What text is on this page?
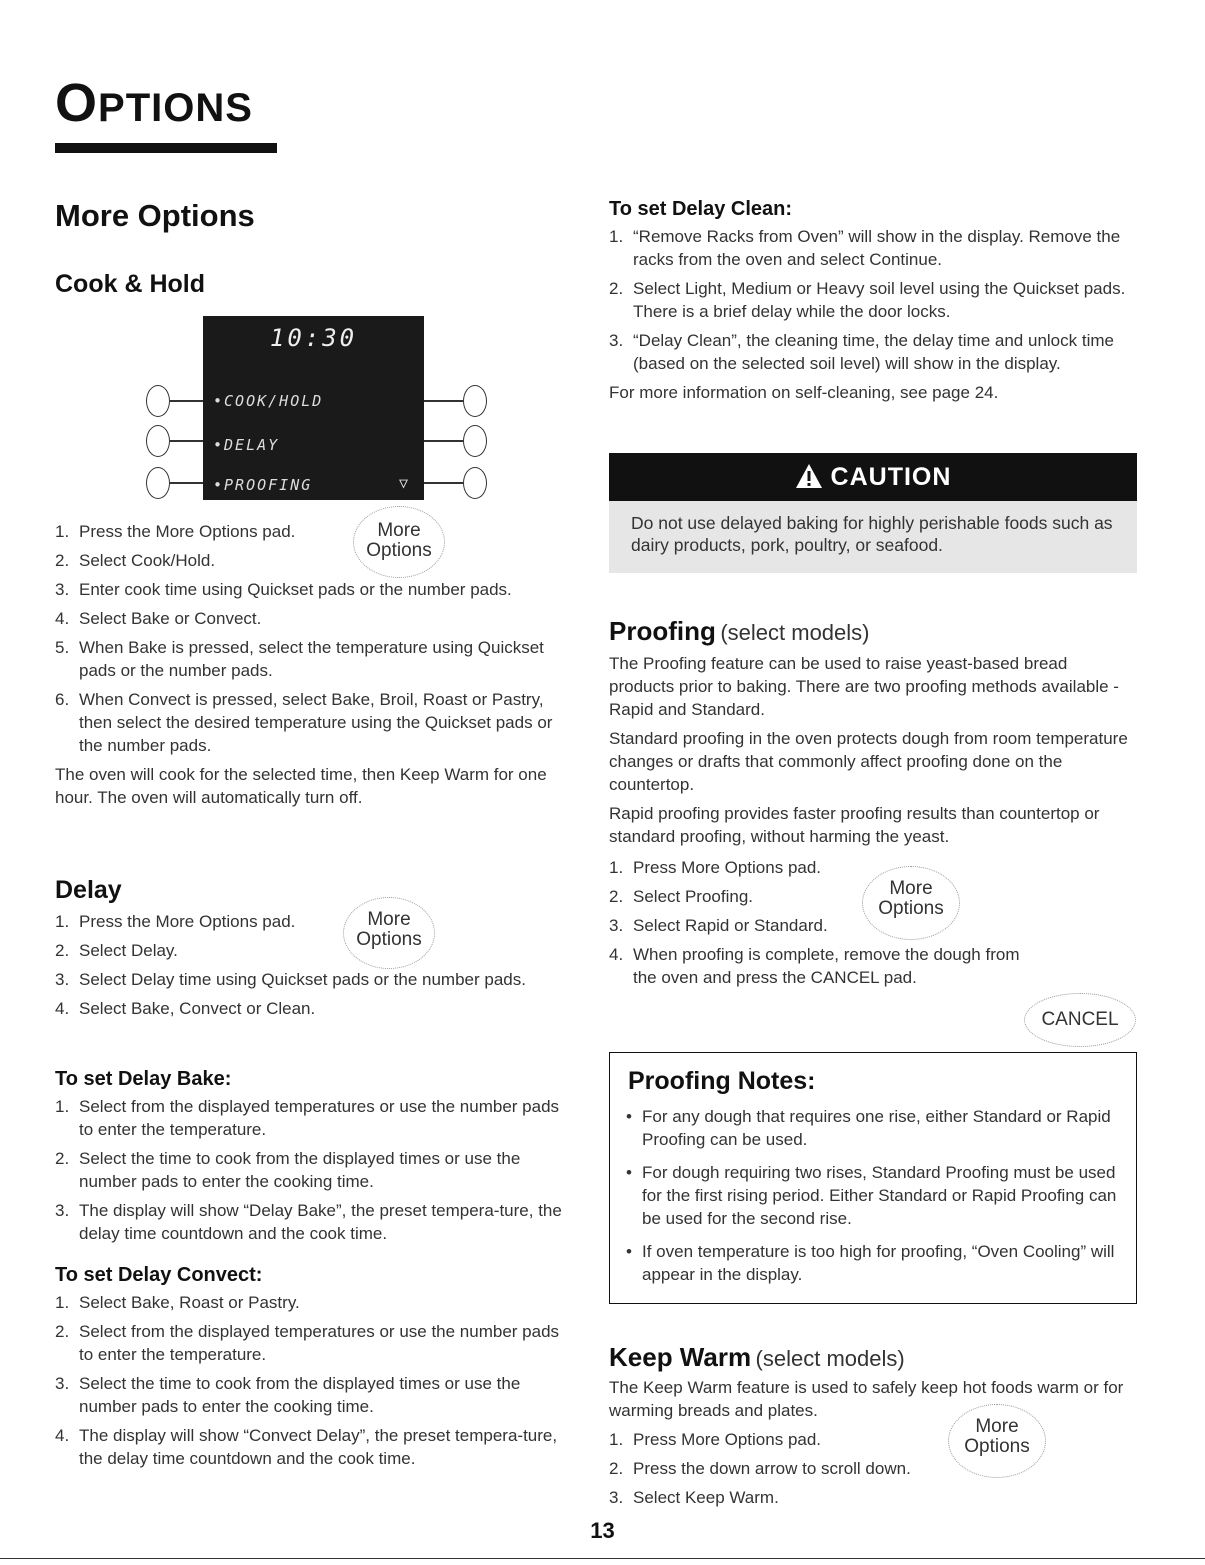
OPTIONS
More Options
Cook & Hold
10:30
•COOK/HOLD
•DELAY
•PROOFING	▽
1. Press the More Options pad.
2. Select Cook/Hold.
3. Enter cook time using Quickset pads or the number pads.
4. Select Bake or Convect.
5. When Bake is pressed, select the temperature using Quickset pads or the number pads.
6. When Convect is pressed, select Bake, Broil, Roast or Pastry, then select the desired temperature using the Quickset pads or the number pads.
The oven will cook for the selected time, then Keep Warm for one hour. The oven will automatically turn off.
More
Options
Delay
1. Press the More Options pad.
2. Select Delay.
3. Select Delay time using Quickset pads or the number pads.
4. Select Bake, Convect or Clean.
More
Options
To set Delay Bake:
1. Select from the displayed temperatures or use the number pads to enter the temperature.
2. Select the time to cook from the displayed times or use the number pads to enter the cooking time.
3. The display will show “Delay Bake”, the preset tempera-ture, the delay time countdown and the cook time.
To set Delay Convect:
1. Select Bake, Roast or Pastry.
2. Select from the displayed temperatures or use the number pads to enter the temperature.
3. Select the time to cook from the displayed times or use the number pads to enter the cooking time.
4. The display will show “Convect Delay”, the preset tempera-ture, the delay time countdown and the cook time.
To set Delay Clean:
1. “Remove Racks from Oven” will show in the display. Remove the racks from the oven and select Continue.
2. Select Light, Medium or Heavy soil level using the Quickset pads. There is a brief delay while the door locks.
3. “Delay Clean”, the cleaning time, the delay time and unlock time (based on the selected soil level) will show in the display.
For more information on self-cleaning, see page 24.
CAUTION
Do not use delayed baking for highly perishable foods such as dairy products, pork, poultry, or seafood.
Proofing (select models)
The Proofing feature can be used to raise yeast-based bread products prior to baking. There are two proofing methods available - Rapid and Standard.
Standard proofing in the oven protects dough from room temperature changes or drafts that commonly affect proofing done on the countertop.
Rapid proofing provides faster proofing results than countertop or standard proofing, without harming the yeast.
1. Press More Options pad.
2. Select Proofing.
3. Select Rapid or Standard.
4. When proofing is complete, remove the dough from the oven and press the CANCEL pad.
More
Options
CANCEL
Proofing Notes:
• For any dough that requires one rise, either Standard or Rapid Proofing can be used.
• For dough requiring two rises, Standard Proofing must be used for the first rising period. Either Standard or Rapid Proofing can be used for the second rise.
• If oven temperature is too high for proofing, “Oven Cooling” will appear in the display.
Keep Warm (select models)
The Keep Warm feature is used to safely keep hot foods warm or for warming breads and plates.
1. Press More Options pad.
2. Press the down arrow to scroll down.
3. Select Keep Warm.
More
Options
13
